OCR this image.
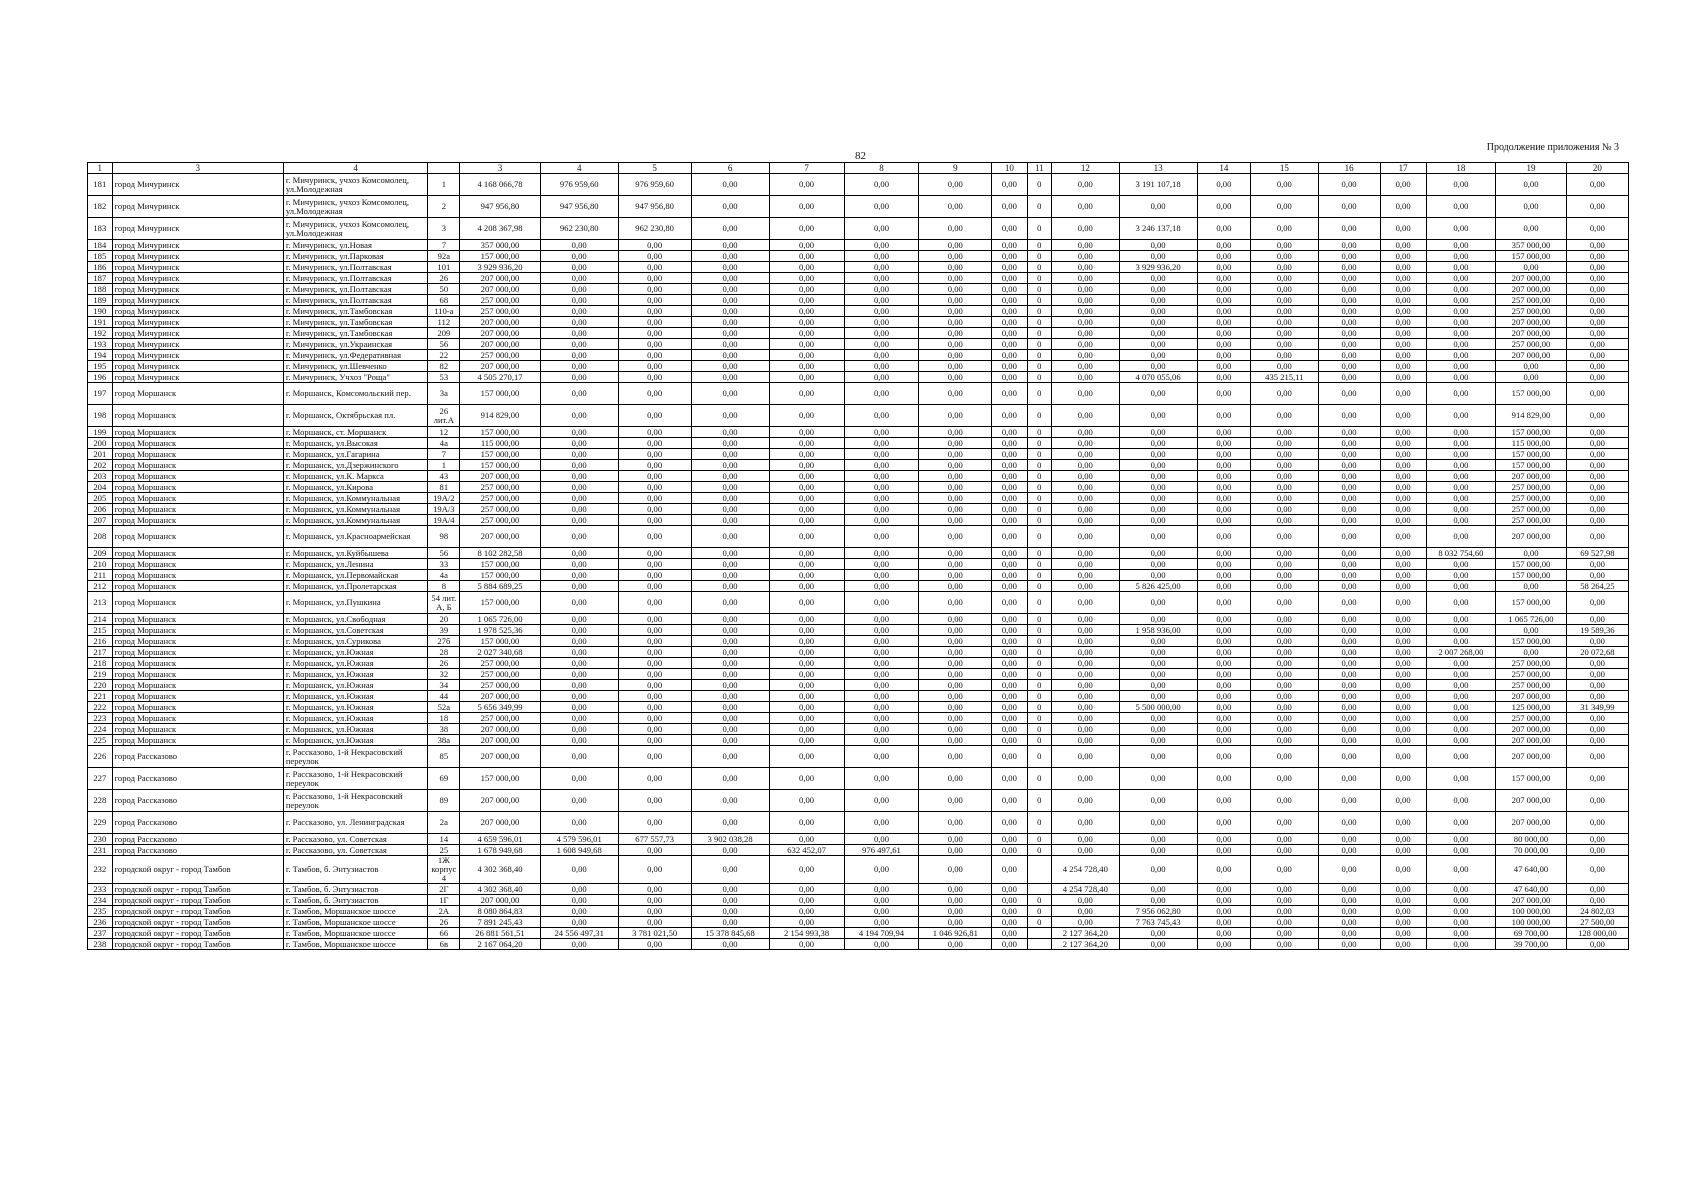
82
Продолжение приложения № 3
1	3	4		3	4	5	6	7	8	9	10	11	12	13	14	15	16	17	18	19	20
181	город Мичуринск	г. Мичуринск, учхоз Комсомолец, ул.Молодежная	1	4 168 066,78	976 959,60	976 959,60	0,00	0,00	0,00	0,00	0,00	0	0,00	3 191 107,18	0,00	0,00	0,00	0,00	0,00	0,00	0,00
182	город Мичуринск	г. Мичуринск, учхоз Комсомолец, ул.Молодежная	2	947 956,80	947 956,80	947 956,80	0,00	0,00	0,00	0,00	0,00	0	0,00	0,00	0,00	0,00	0,00	0,00	0,00	0,00	0,00
183	город Мичуринск	г. Мичуринск, учхоз Комсомолец, ул.Молодежная	3	4 208 367,98	962 230,80	962 230,80	0,00	0,00	0,00	0,00	0,00	0	0,00	3 246 137,18	0,00	0,00	0,00	0,00	0,00	0,00	0,00
184	город Мичуринск	г. Мичуринск, ул.Новая	7	357 000,00	0,00	0,00	0,00	0,00	0,00	0,00	0,00	0	0,00	0,00	0,00	0,00	0,00	0,00	0,00	357 000,00	0,00
185	город Мичуринск	г. Мичуринск, ул.Парковая	92а	157 000,00	0,00	0,00	0,00	0,00	0,00	0,00	0,00	0	0,00	0,00	0,00	0,00	0,00	0,00	0,00	157 000,00	0,00
186	город Мичуринск	г. Мичуринск, ул.Полтавская	101	3 929 936,20	0,00	0,00	0,00	0,00	0,00	0,00	0,00	0	0,00	3 929 936,20	0,00	0,00	0,00	0,00	0,00	0,00	0,00
187	город Мичуринск	г. Мичуринск, ул.Полтавская	26	207 000,00	0,00	0,00	0,00	0,00	0,00	0,00	0,00	0	0,00	0,00	0,00	0,00	0,00	0,00	0,00	207 000,00	0,00
188	город Мичуринск	г. Мичуринск, ул.Полтавская	50	207 000,00	0,00	0,00	0,00	0,00	0,00	0,00	0,00	0	0,00	0,00	0,00	0,00	0,00	0,00	0,00	207 000,00	0,00
189	город Мичуринск	г. Мичуринск, ул.Полтавская	68	257 000,00	0,00	0,00	0,00	0,00	0,00	0,00	0,00	0	0,00	0,00	0,00	0,00	0,00	0,00	0,00	257 000,00	0,00
190	город Мичуринск	г. Мичуринск, ул.Тамбовская	110-а	257 000,00	0,00	0,00	0,00	0,00	0,00	0,00	0,00	0	0,00	0,00	0,00	0,00	0,00	0,00	0,00	257 000,00	0,00
191	город Мичуринск	г. Мичуринск, ул.Тамбовская	112	207 000,00	0,00	0,00	0,00	0,00	0,00	0,00	0,00	0	0,00	0,00	0,00	0,00	0,00	0,00	0,00	207 000,00	0,00
192	город Мичуринск	г. Мичуринск, ул.Тамбовская	209	207 000,00	0,00	0,00	0,00	0,00	0,00	0,00	0,00	0	0,00	0,00	0,00	0,00	0,00	0,00	0,00	207 000,00	0,00
193	город Мичуринск	г. Мичуринск, ул.Украинская	56	207 000,00	0,00	0,00	0,00	0,00	0,00	0,00	0,00	0	0,00	0,00	0,00	0,00	0,00	0,00	0,00	257 000,00	0,00
194	город Мичуринск	г. Мичуринск, ул.Федеративная	22	257 000,00	0,00	0,00	0,00	0,00	0,00	0,00	0,00	0	0,00	0,00	0,00	0,00	0,00	0,00	0,00	207 000,00	0,00
195	город Мичуринск	г. Мичуринск, ул.Шевченко	82	207 000,00	0,00	0,00	0,00	0,00	0,00	0,00	0,00	0	0,00	0,00	0,00	0,00	0,00	0,00	0,00	0,00	0,00
196	город Мичуринск	г. Мичуринск, Учхоз "Роща"	53	4 505 270,17	0,00	0,00	0,00	0,00	0,00	0,00	0,00	0	0,00	4 070 055,06	0,00	435 215,11	0,00	0,00	0,00	0,00	0,00
197	город Моршанск	г. Моршанск, Комсомольский пер.	3а	157 000,00	0,00	0,00	0,00	0,00	0,00	0,00	0,00	0	0,00	0,00	0,00	0,00	0,00	0,00	0,00	157 000,00	0,00
198	город Моршанск	г. Моршанск, Октябрьская пл.	26 лит.А	914 829,00	0,00	0,00	0,00	0,00	0,00	0,00	0,00	0	0,00	0,00	0,00	0,00	0,00	0,00	0,00	914 829,00	0,00
199	город Моршанск	г. Моршанск, ст. Моршанск	12	157 000,00	0,00	0,00	0,00	0,00	0,00	0,00	0,00	0	0,00	0,00	0,00	0,00	0,00	0,00	0,00	157 000,00	0,00
200	город Моршанск	г. Моршанск, ул.Высокая	4а	115 000,00	0,00	0,00	0,00	0,00	0,00	0,00	0,00	0	0,00	0,00	0,00	0,00	0,00	0,00	0,00	115 000,00	0,00
201	город Моршанск	г. Моршанск, ул.Гагарина	7	157 000,00	0,00	0,00	0,00	0,00	0,00	0,00	0,00	0	0,00	0,00	0,00	0,00	0,00	0,00	0,00	157 000,00	0,00
202	город Моршанск	г. Моршанск, ул.Дзержинского	1	157 000,00	0,00	0,00	0,00	0,00	0,00	0,00	0,00	0	0,00	0,00	0,00	0,00	0,00	0,00	0,00	157 000,00	0,00
203	город Моршанск	г. Моршанск, ул.К. Маркса	43	207 000,00	0,00	0,00	0,00	0,00	0,00	0,00	0,00	0	0,00	0,00	0,00	0,00	0,00	0,00	0,00	207 000,00	0,00
204	город Моршанск	г. Моршанск, ул.Кирова	81	257 000,00	0,00	0,00	0,00	0,00	0,00	0,00	0,00	0	0,00	0,00	0,00	0,00	0,00	0,00	0,00	257 000,00	0,00
205	город Моршанск	г. Моршанск, ул.Коммунальная	19А/2	257 000,00	0,00	0,00	0,00	0,00	0,00	0,00	0,00	0	0,00	0,00	0,00	0,00	0,00	0,00	0,00	257 000,00	0,00
206	город Моршанск	г. Моршанск, ул.Коммунальная	19А/3	257 000,00	0,00	0,00	0,00	0,00	0,00	0,00	0,00	0	0,00	0,00	0,00	0,00	0,00	0,00	0,00	257 000,00	0,00
207	город Моршанск	г. Моршанск, ул.Коммунальная	19А/4	257 000,00	0,00	0,00	0,00	0,00	0,00	0,00	0,00	0	0,00	0,00	0,00	0,00	0,00	0,00	0,00	257 000,00	0,00
208	город Моршанск	г. Моршанск, ул.Красноармейская	98	207 000,00	0,00	0,00	0,00	0,00	0,00	0,00	0,00	0	0,00	0,00	0,00	0,00	0,00	0,00	0,00	207 000,00	0,00
209	город Моршанск	г. Моршанск, ул.Куйбышева	56	8 102 282,58	0,00	0,00	0,00	0,00	0,00	0,00	0,00	0	0,00	0,00	0,00	0,00	0,00	0,00	8 032 754,60	0,00	69 527,98
210	город Моршанск	г. Моршанск, ул.Ленина	33	157 000,00	0,00	0,00	0,00	0,00	0,00	0,00	0,00	0	0,00	0,00	0,00	0,00	0,00	0,00	0,00	157 000,00	0,00
211	город Моршанск	г. Моршанск, ул.Первомайская	4а	157 000,00	0,00	0,00	0,00	0,00	0,00	0,00	0,00	0	0,00	0,00	0,00	0,00	0,00	0,00	0,00	157 000,00	0,00
212	город Моршанск	г. Моршанск, ул.Пролетарская	8	5 884 689,25	0,00	0,00	0,00	0,00	0,00	0,00	0,00	0	0,00	5 826 425,00	0,00	0,00	0,00	0,00	0,00	0,00	58 264,25
213	город Моршанск	г. Моршанск, ул.Пушкина	54 лит. А, Б	157 000,00	0,00	0,00	0,00	0,00	0,00	0,00	0,00	0	0,00	0,00	0,00	0,00	0,00	0,00	0,00	157 000,00	0,00
214	город Моршанск	г. Моршанск, ул.Свободная	20	1 065 726,00	0,00	0,00	0,00	0,00	0,00	0,00	0,00	0	0,00	0,00	0,00	0,00	0,00	0,00	0,00	1 065 726,00	0,00
215	город Моршанск	г. Моршанск, ул.Советская	39	1 978 525,36	0,00	0,00	0,00	0,00	0,00	0,00	0,00	0	0,00	1 958 936,00	0,00	0,00	0,00	0,00	0,00	0,00	19 589,36
216	город Моршанск	г. Моршанск, ул.Сурикова	27б	157 000,00	0,00	0,00	0,00	0,00	0,00	0,00	0,00	0	0,00	0,00	0,00	0,00	0,00	0,00	0,00	157 000,00	0,00
217	город Моршанск	г. Моршанск, ул.Южная	28	2 027 340,68	0,00	0,00	0,00	0,00	0,00	0,00	0,00	0	0,00	0,00	0,00	0,00	0,00	0,00	2 007 268,00	0,00	20 072,68
218	город Моршанск	г. Моршанск, ул.Южная	26	257 000,00	0,00	0,00	0,00	0,00	0,00	0,00	0,00	0	0,00	0,00	0,00	0,00	0,00	0,00	0,00	257 000,00	0,00
219	город Моршанск	г. Моршанск, ул.Южная	32	257 000,00	0,00	0,00	0,00	0,00	0,00	0,00	0,00	0	0,00	0,00	0,00	0,00	0,00	0,00	0,00	257 000,00	0,00
220	город Моршанск	г. Моршанск, ул.Южная	34	257 000,00	0,00	0,00	0,00	0,00	0,00	0,00	0,00	0	0,00	0,00	0,00	0,00	0,00	0,00	0,00	257 000,00	0,00
221	город Моршанск	г. Моршанск, ул.Южная	44	207 000,00	0,00	0,00	0,00	0,00	0,00	0,00	0,00	0	0,00	0,00	0,00	0,00	0,00	0,00	0,00	207 000,00	0,00
222	город Моршанск	г. Моршанск, ул.Южная	52а	5 656 349,99	0,00	0,00	0,00	0,00	0,00	0,00	0,00	0	0,00	5 500 000,00	0,00	0,00	0,00	0,00	0,00	125 000,00	31 349,99
223	город Моршанск	г. Моршанск, ул.Южная	18	257 000,00	0,00	0,00	0,00	0,00	0,00	0,00	0,00	0	0,00	0,00	0,00	0,00	0,00	0,00	0,00	257 000,00	0,00
224	город Моршанск	г. Моршанск, ул.Южная	38	207 000,00	0,00	0,00	0,00	0,00	0,00	0,00	0,00	0	0,00	0,00	0,00	0,00	0,00	0,00	0,00	207 000,00	0,00
225	город Моршанск	г. Моршанск, ул.Южная	38а	207 000,00	0,00	0,00	0,00	0,00	0,00	0,00	0,00	0	0,00	0,00	0,00	0,00	0,00	0,00	0,00	207 000,00	0,00
226	город Рассказово	г. Рассказово, 1-й Некрасовский переулок	85	207 000,00	0,00	0,00	0,00	0,00	0,00	0,00	0,00	0	0,00	0,00	0,00	0,00	0,00	0,00	0,00	207 000,00	0,00
227	город Рассказово	г. Рассказово, 1-й Некрасовский переулок	69	157 000,00	0,00	0,00	0,00	0,00	0,00	0,00	0,00	0	0,00	0,00	0,00	0,00	0,00	0,00	0,00	157 000,00	0,00
228	город Рассказово	г. Рассказово, 1-й Некрасовский переулок	89	207 000,00	0,00	0,00	0,00	0,00	0,00	0,00	0,00	0	0,00	0,00	0,00	0,00	0,00	0,00	0,00	207 000,00	0,00
229	город Рассказово	г. Рассказово, ул. Ленинградская	2а	207 000,00	0,00	0,00	0,00	0,00	0,00	0,00	0,00	0	0,00	0,00	0,00	0,00	0,00	0,00	0,00	207 000,00	0,00
230	город Рассказово	г. Рассказово, ул. Советская	14	4 659 596,01	4 579 596,01	677 557,73	3 902 038,28	0,00	0,00	0,00	0,00	0	0,00	0,00	0,00	0,00	0,00	0,00	0,00	80 000,00	0,00
231	город Рассказово	г. Рассказово, ул. Советская	25	1 678 949,68	1 608 949,68	0,00	0,00	632 452,07	976 497,61	0,00	0,00	0	0,00	0,00	0,00	0,00	0,00	0,00	0,00	70 000,00	0,00
232	городской округ - город Тамбов	г. Тамбов, б. Энтузиастов	1Ж корпус 4	4 302 368,40	0,00	0,00	0,00	0,00	0,00	0,00	0,00		4 254 728,40	0,00	0,00	0,00	0,00	0,00	0,00	47 640,00	0,00
233	городской округ - город Тамбов	г. Тамбов, б. Энтузиастов	2Г	4 302 368,40	0,00	0,00	0,00	0,00	0,00	0,00	0,00		4 254 728,40	0,00	0,00	0,00	0,00	0,00	0,00	47 640,00	0,00
234	городской округ - город Тамбов	г. Тамбов, б. Энтузиастов	1Г	207 000,00	0,00	0,00	0,00	0,00	0,00	0,00	0,00	0	0,00	0,00	0,00	0,00	0,00	0,00	0,00	207 000,00	0,00
235	городской округ - город Тамбов	г. Тамбов, Моршанское шоссе	2А	8 080 864,83	0,00	0,00	0,00	0,00	0,00	0,00	0,00	0	0,00	7 956 062,80	0,00	0,00	0,00	0,00	0,00	100 000,00	24 802,03
236	городской округ - город Тамбов	г. Тамбов, Моршанское шоссе	26	7 891 245,43	0,00	0,00	0,00	0,00	0,00	0,00	0,00	0	0,00	7 763 745,43	0,00	0,00	0,00	0,00	0,00	100 000,00	27 500,00
237	городской округ - город Тамбов	г. Тамбов, Моршанское шоссе	66	26 881 561,51	24 556 497,31	3 781 021,50	15 378 845,68	2 154 993,38	4 194 709,94	1 046 926,81	0,00		2 127 364,20	0,00	0,00	0,00	0,00	0,00	0,00	69 700,00	128 000,00
238	городской округ - город Тамбов	г. Тамбов, Моршанское шоссе	6в	2 167 064,20	0,00	0,00	0,00	0,00	0,00	0,00	0,00		2 127 364,20	0,00	0,00	0,00	0,00	0,00	0,00	39 700,00	0,00
